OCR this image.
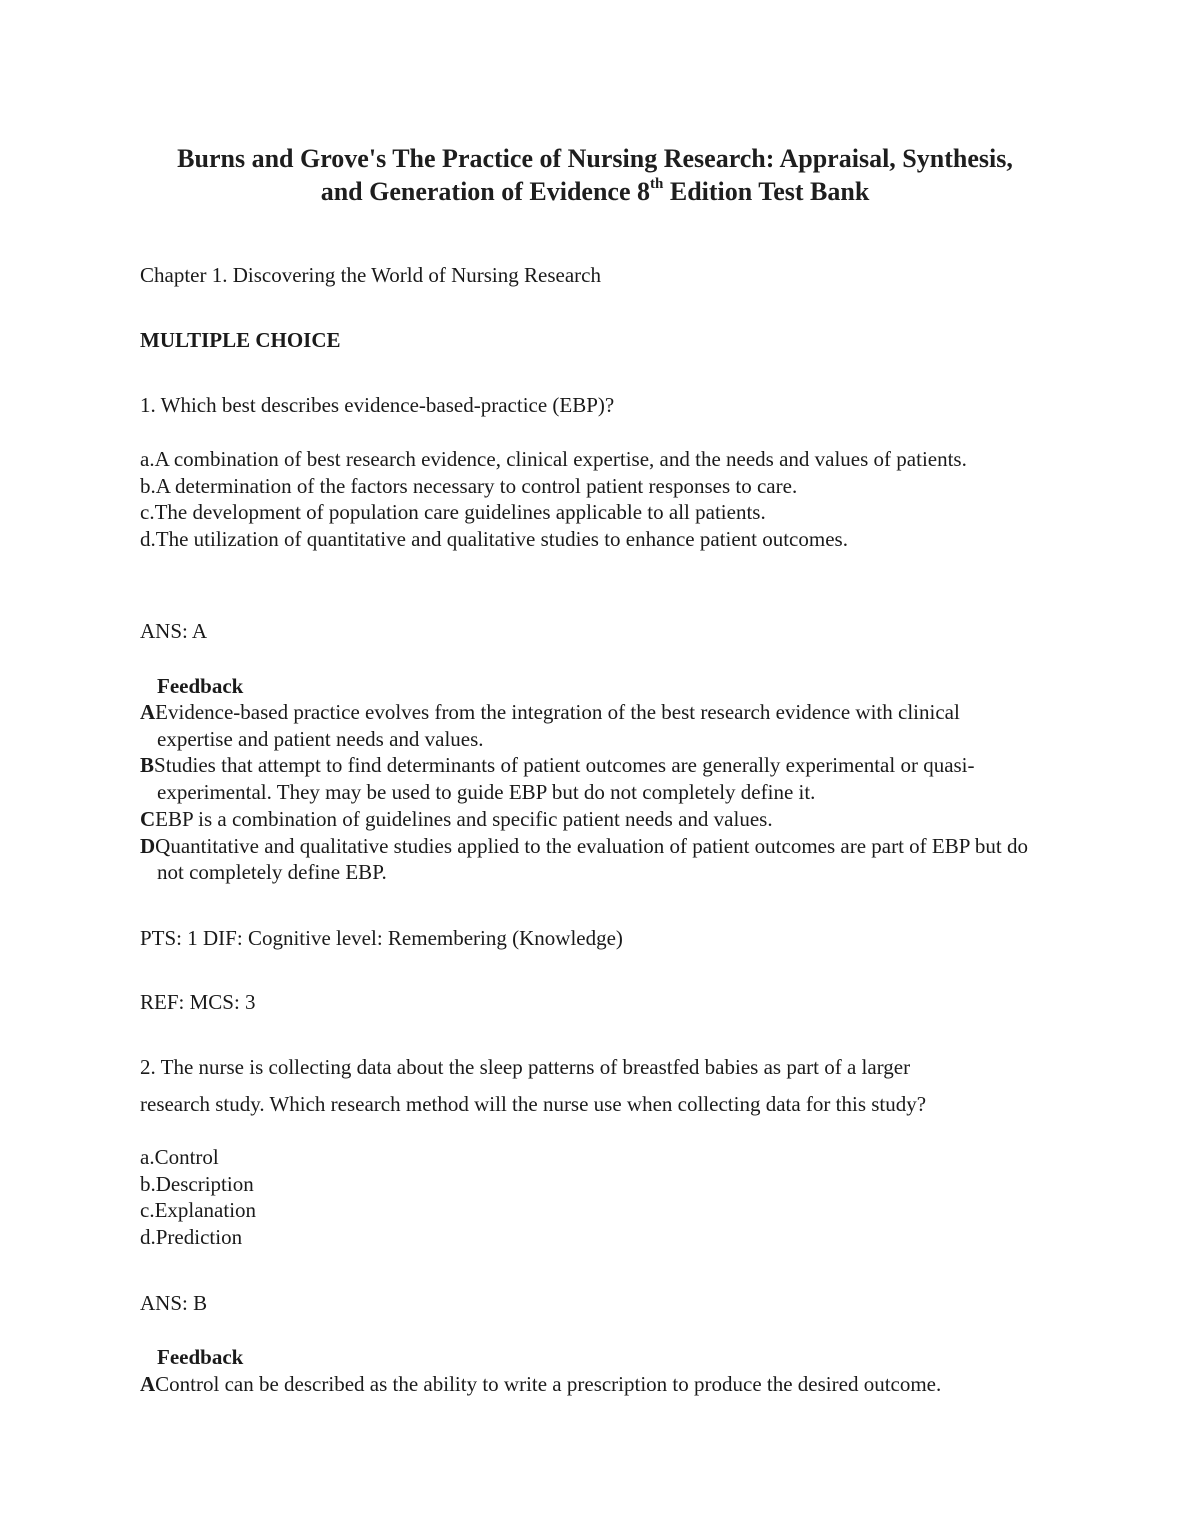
Burns and Grove's The Practice of Nursing Research: Appraisal, Synthesis,
and Generation of Evidence 8th Edition Test Bank
Chapter 1. Discovering the World of Nursing Research
MULTIPLE CHOICE
1. Which best describes evidence-based-practice (EBP)?
a.A combination of best research evidence, clinical expertise, and the needs and values of patients.
b.A determination of the factors necessary to control patient responses to care.
c.The development of population care guidelines applicable to all patients.
d.The utilization of quantitative and qualitative studies to enhance patient outcomes.
ANS: A
Feedback
AEvidence-based practice evolves from the integration of the best research evidence with clinical expertise and patient needs and values.
BStudies that attempt to find determinants of patient outcomes are generally experimental or quasi-experimental. They may be used to guide EBP but do not completely define it.
CEBP is a combination of guidelines and specific patient needs and values.
DQuantitative and qualitative studies applied to the evaluation of patient outcomes are part of EBP but do not completely define EBP.
PTS: 1 DIF: Cognitive level: Remembering (Knowledge)
REF: MCS: 3
2. The nurse is collecting data about the sleep patterns of breastfed babies as part of a larger
research study. Which research method will the nurse use when collecting data for this study?
a.Control
b.Description
c.Explanation
d.Prediction
ANS: B
Feedback
AControl can be described as the ability to write a prescription to produce the desired outcome.
